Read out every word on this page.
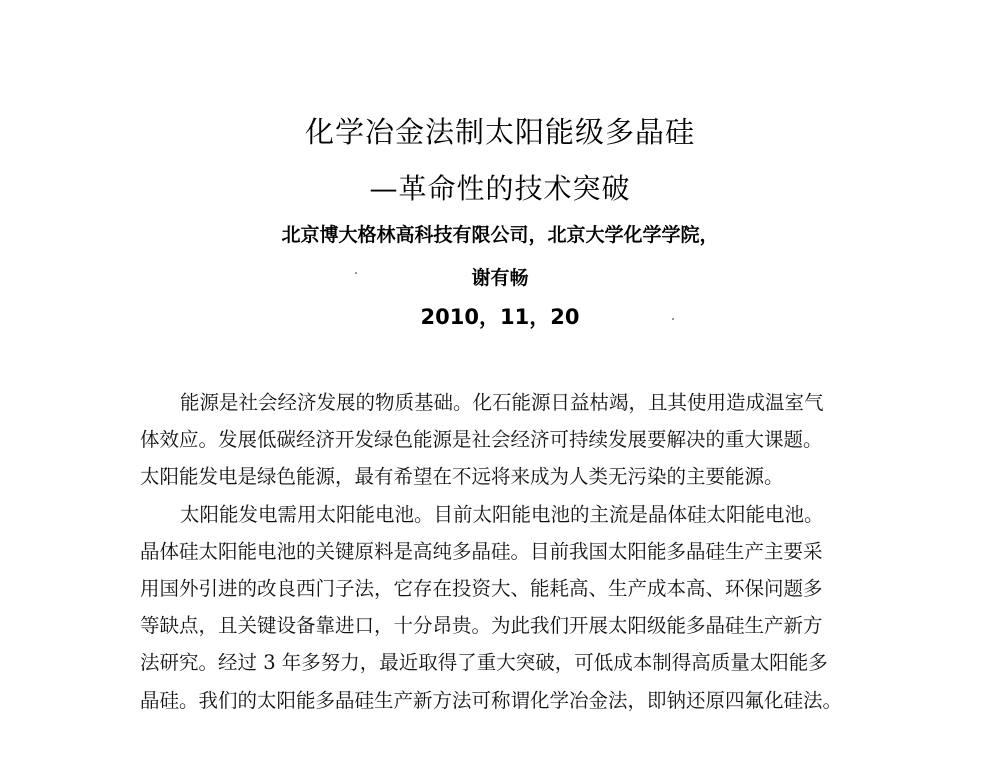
化学冶金法制太阳能级多晶硅
—革命性的技术突破
北京博大格林高科技有限公司，北京大学化学学院，
谢有畅
2010，11，20
能源是社会经济发展的物质基础。化石能源日益枯竭，且其使用造成温室气
体效应。发展低碳经济开发绿色能源是社会经济可持续发展要解决的重大课题。
太阳能发电是绿色能源，最有希望在不远将来成为人类无污染的主要能源。
太阳能发电需用太阳能电池。目前太阳能电池的主流是晶体硅太阳能电池。
晶体硅太阳能电池的关键原料是高纯多晶硅。目前我国太阳能多晶硅生产主要采
用国外引进的改良西门子法，它存在投资大、能耗高、生产成本高、环保问题多
等缺点，且关键设备靠进口，十分昂贵。为此我们开展太阳级能多晶硅生产新方
法研究。经过 3 年多努力，最近取得了重大突破，可低成本制得高质量太阳能多
晶硅。我们的太阳能多晶硅生产新方法可称谓化学冶金法，即钠还原四氟化硅法。
